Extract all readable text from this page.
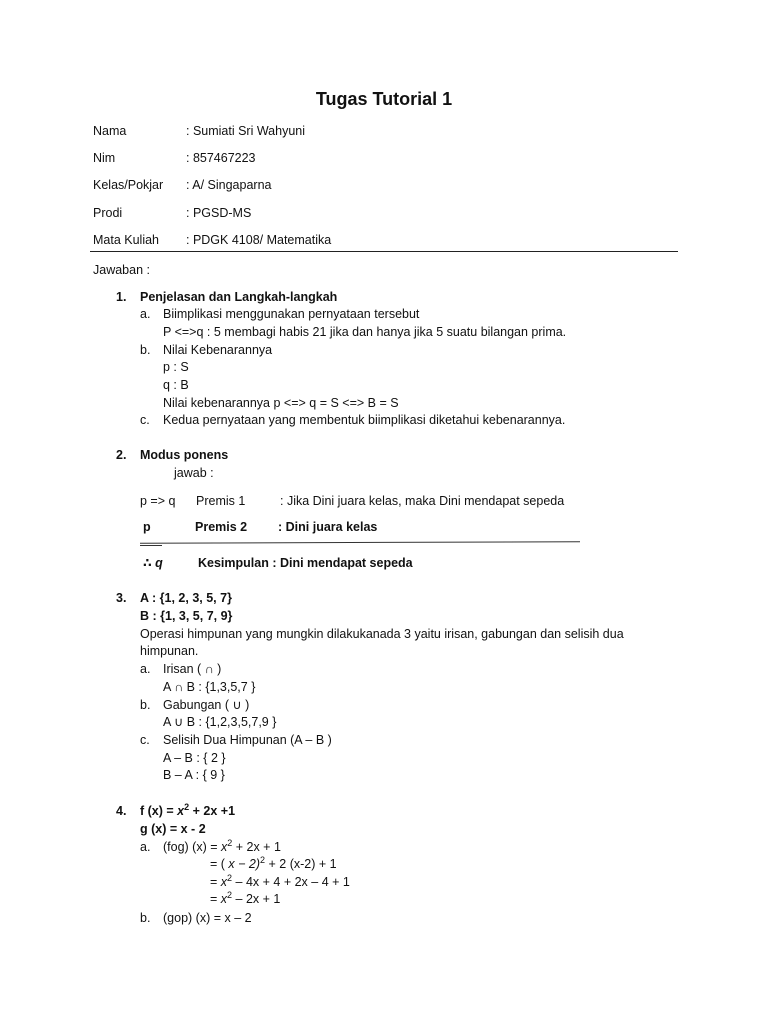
Tugas Tutorial 1
Nama	: Sumiati Sri Wahyuni
Nim	: 857467223
Kelas/Pokjar : A/ Singaparna
Prodi	: PGSD-MS
Mata Kuliah : PDGK 4108/ Matematika
Jawaban :
1. Penjelasan dan Langkah-langkah
a. Biimplikasi menggunakan pernyataan tersebut
P <=>q : 5 membagi habis 21 jika dan hanya jika 5 suatu bilangan prima.
b. Nilai Kebenarannya
p : S
q : B
Nilai kebenarannya p <=> q = S <=> B = S
c. Kedua pernyataan yang membentuk biimplikasi diketahui kebenarannya.
2. Modus ponens
jawab :
p => q Premis 1	: Jika Dini juara kelas, maka Dini mendapat sepeda
p	Premis 2 : Dini juara kelas
∴ q	Kesimpulan : Dini mendapat sepeda
3. A : {1, 2, 3, 5, 7}
B : {1, 3, 5, 7, 9}
Operasi himpunan yang mungkin dilakukanada 3 yaitu irisan, gabungan dan selisih dua
himpunan.
a. Irisan ( ∩ )
A ∩ B : {1,3,5,7 }
b. Gabungan ( ∪ )
A ∪ B : {1,2,3,5,7,9 }
c. Selisih Dua Himpunan (A – B )
A – B : { 2 }
B – A : { 9 }
4. f $(x) = x^2 + 2x +1$
g (x) = x - 2
a. (fog) $(x) = x^2 + 2x + 1$
= ( x − 2)$^2$ + 2 (x-2) + 1
= $x^2 - 4x + 4 + 2x - 4 + 1$
= $x^2 - 2x + 1$
b. (gop) (x) = x – 2
